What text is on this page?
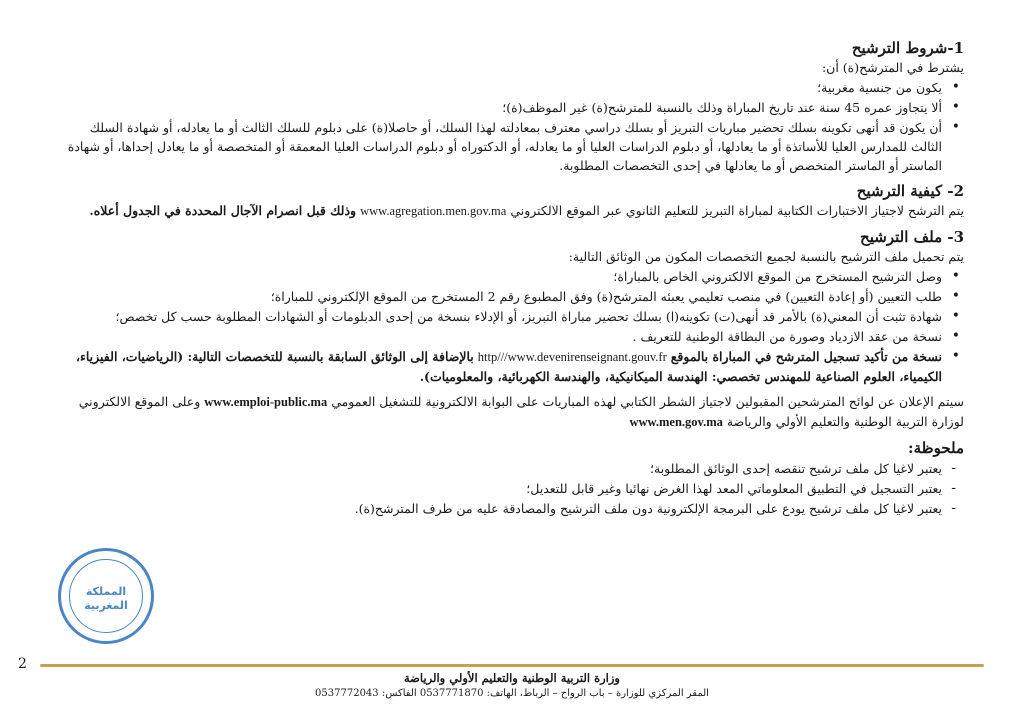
1-شروط الترشيح

يشترط في المترشح(ة) أن:

• يكون من جنسية مغربية؛
• ألا يتجاوز عمره 45 سنة عند تاريخ المباراة وذلك بالنسبة للمترشح(ة) غير الموظف(ة)؛
• أن يكون قد أنهى تكوينه بسلك تحضير مباريات التبريز أو بسلك دراسي معترف بمعادلته لهذا السلك، أو حاصلا(ة) على دبلوم للسلك الثالث أو ما يعادله، أو شهادة السلك الثالث للمدارس العليا للأساتذة أو ما يعادلها، أو دبلوم الدراسات العليا أو ما يعادله، أو الدكتوراه أو دبلوم الدراسات العليا المعمقة أو المتخصصة أو ما يعادل إحداها، أو شهادة الماستر أو الماستر المتخصص أو ما يعادلها في إحدى التخصصات المطلوبة.
2- كيفية الترشيح

يتم الترشح لاجتياز الاختبارات الكتابية لمباراة التبريز للتعليم الثانوي عبر الموقع الالكتروني www.agregation.men.gov.ma وذلك قبل انصرام الآجال المحددة في الجدول أعلاه.

3- ملف الترشيح

يتم تحميل ملف الترشيح بالنسبة لجميع التخصصات المكون من الوثائق التالية:

• وصل الترشيح المستخرج من الموقع الالكتروني الخاص بالمباراة؛
• طلب التعيين (أو إعادة التعيين) في منصب تعليمي يعبئه المترشح(ة) وفق المطبوع رقم 2 المستخرج من الموقع الإلكتروني للمباراة؛
• شهادة تثبت أن المعني(ة) بالأمر قد أنهى(ت) تكوينه(ا) بسلك تحضير مباراة التبريز، أو الإدلاء بنسخة من إحدى الدبلومات أو الشهادات المطلوبة حسب كل تخصص؛
• نسخة من عقد الازدياد وصورة من البطاقة الوطنية للتعريف .
• نسخة من تأكيد تسجيل المترشح في المباراة بالموقع http///www.devenirenseignant.gouv.fr بالإضافة إلى الوثائق السابقة بالنسبة للتخصصات التالية: (الرياضيات، الفيزياء، الكيمياء، العلوم الصناعية للمهندس تخصصي: الهندسة الميكانيكية، والهندسة الكهربائية، والمعلوميات).

سيتم الإعلان عن لوائح المترشحين المقبولين لاجتياز الشطر الكتابي لهذه المباريات على البوابة الالكترونية للتشغيل العمومي www.emploi-public.ma وعلى الموقع الالكتروني لوزارة التربية الوطنية والتعليم الأولي والرياضة www.men.gov.ma

ملحوظة:
- يعتبر لاغيا كل ملف ترشيح تنقصه إحدى الوثائق المطلوبة؛
- يعتبر التسجيل في التطبيق المعلوماتي المعد لهذا الغرض نهائيا وغير قابل للتعديل؛
- يعتبر لاغيا كل ملف ترشيح يودع على البرمجة الإلكترونية دون ملف الترشيح والمصادقة عليه من طرف المترشح(ة).
المملكة
المغربية
2
وزارة التربية الوطنية والتعليم الأولي والرياضة
المقر المركزي للوزارة – باب الرواح – الرباط، الهاتف: 0537771870 الفاكس: 0537772043
